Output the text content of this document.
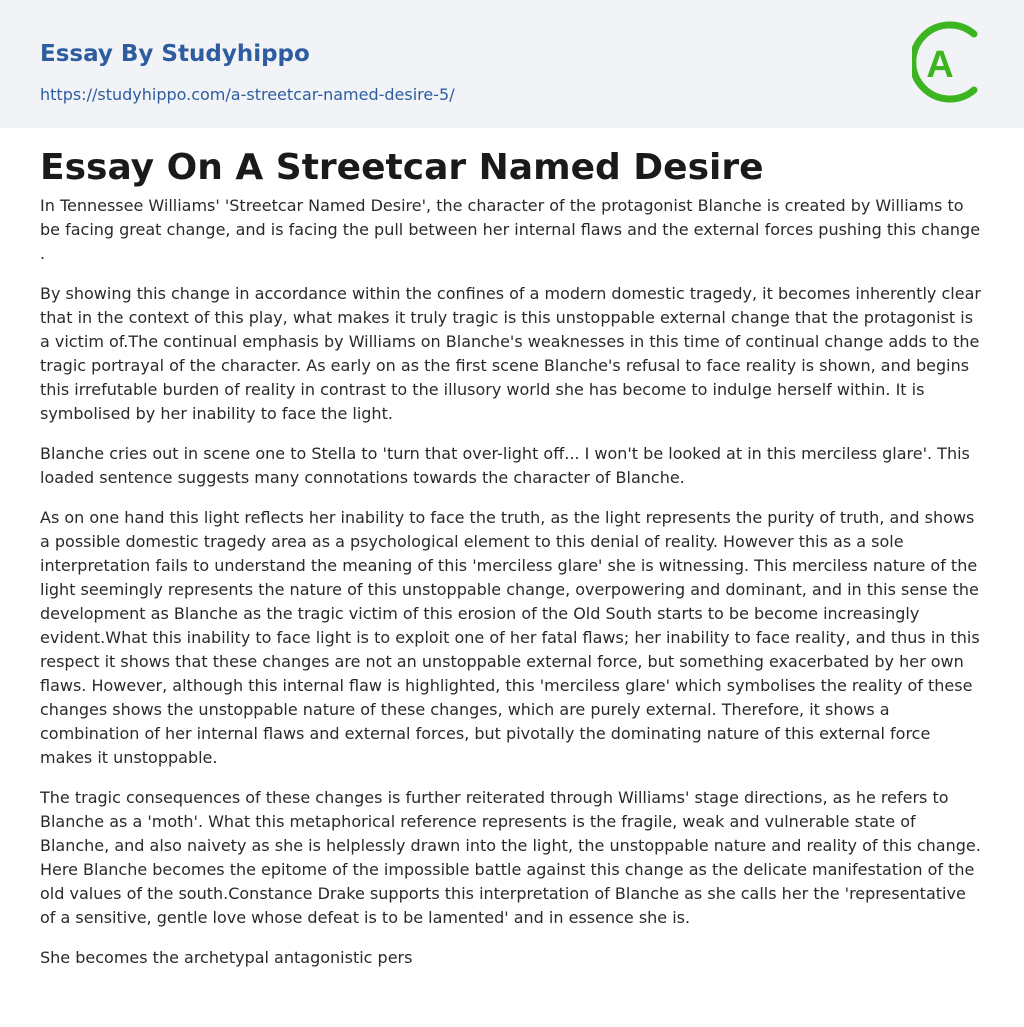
Essay By Studyhippo
https://studyhippo.com/a-streetcar-named-desire-5/
A
Essay On A Streetcar Named Desire

In Tennessee Williams' 'Streetcar Named Desire', the character of the protagonist Blanche is created by Williams to be facing great change, and is facing the pull between her internal flaws and the external forces pushing this change .

By showing this change in accordance within the confines of a modern domestic tragedy, it becomes inherently clear that in the context of this play, what makes it truly tragic is this unstoppable external change that the protagonist is a victim of.The continual emphasis by Williams on Blanche's weaknesses in this time of continual change adds to the tragic portrayal of the character. As early on as the first scene Blanche's refusal to face reality is shown, and begins this irrefutable burden of reality in contrast to the illusory world she has become to indulge herself within. It is symbolised by her inability to face the light.

Blanche cries out in scene one to Stella to 'turn that over-light off... I won't be looked at in this merciless glare'. This loaded sentence suggests many connotations towards the character of Blanche.

As on one hand this light reflects her inability to face the truth, as the light represents the purity of truth, and shows a possible domestic tragedy area as a psychological element to this denial of reality. However this as a sole interpretation fails to understand the meaning of this 'merciless glare' she is witnessing. This merciless nature of the light seemingly represents the nature of this unstoppable change, overpowering and dominant, and in this sense the development as Blanche as the tragic victim of this erosion of the Old South starts to be become increasingly evident.What this inability to face light is to exploit one of her fatal flaws; her inability to face reality, and thus in this respect it shows that these changes are not an unstoppable external force, but something exacerbated by her own flaws. However, although this internal flaw is highlighted, this 'merciless glare' which symbolises the reality of these changes shows the unstoppable nature of these changes, which are purely external. Therefore, it shows a combination of her internal flaws and external forces, but pivotally the dominating nature of this external force makes it unstoppable.

The tragic consequences of these changes is further reiterated through Williams' stage directions, as he refers to Blanche as a 'moth'. What this metaphorical reference represents is the fragile, weak and vulnerable state of Blanche, and also naivety as she is helplessly drawn into the light, the unstoppable nature and reality of this change. Here Blanche becomes the epitome of the impossible battle against this change as the delicate manifestation of the old values of the south.Constance Drake supports this interpretation of Blanche as she calls her the 'representative of a sensitive, gentle love whose defeat is to be lamented' and in essence she is.

She becomes the archetypal antagonistic pers
